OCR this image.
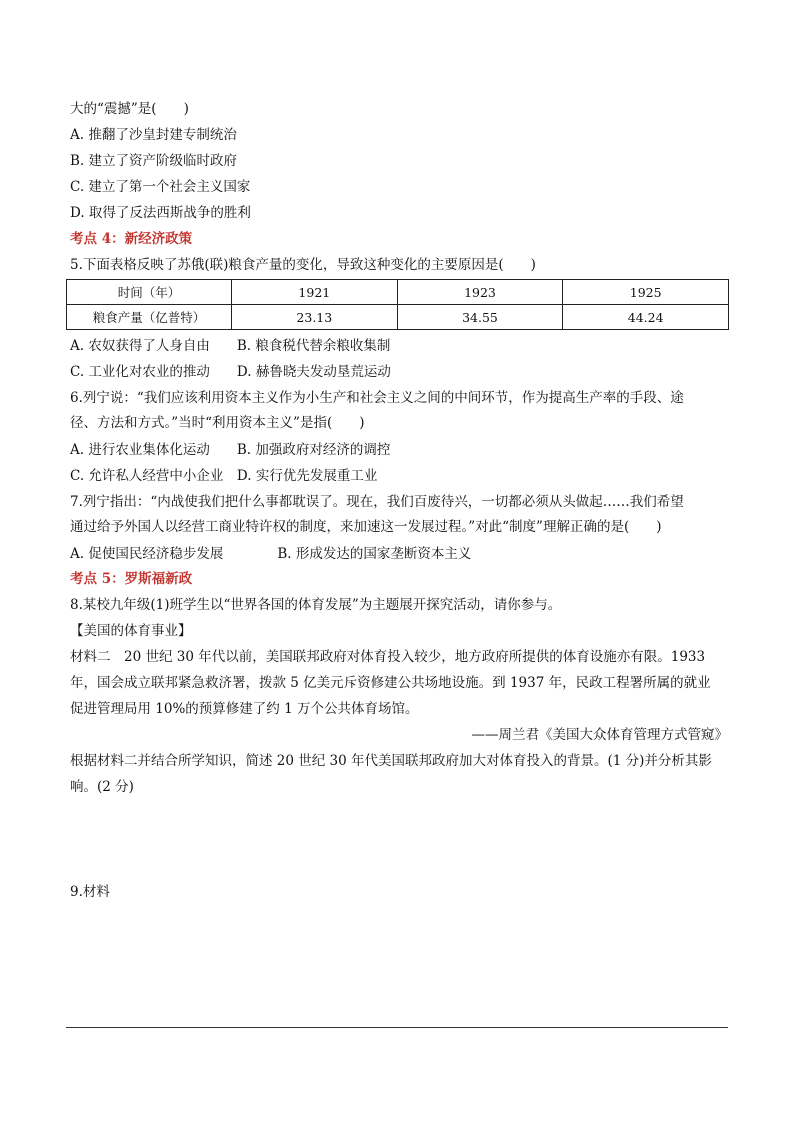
大的“震撼”是(　　)
A. 推翻了沙皇封建专制统治
B. 建立了资产阶级临时政府
C. 建立了第一个社会主义国家
D. 取得了反法西斯战争的胜利
考点 4：新经济政策
5.下面表格反映了苏俄(联)粮食产量的变化，导致这种变化的主要原因是(　　)
时间（年）	1921	1923	1925
粮食产量（亿普特）	23.13	34.55	44.24
A. 农奴获得了人身自由　　B. 粮食税代替余粮收集制
C. 工业化对农业的推动　　D. 赫鲁晓夫发动垦荒运动
6.列宁说：“我们应该利用资本主义作为小生产和社会主义之间的中间环节，作为提高生产率的手段、途
径、方法和方式。”当时“利用资本主义”是指(　　)
A. 进行农业集体化运动　　B. 加强政府对经济的调控
C. 允许私人经营中小企业　D. 实行优先发展重工业
7.列宁指出：“内战使我们把什么事都耽误了。现在，我们百废待兴，一切都必须从头做起……我们希望
通过给予外国人以经营工商业特许权的制度，来加速这一发展过程。”对此“制度”理解正确的是(　　)
A. 促使国民经济稳步发展　　　　B. 形成发达的国家垄断资本主义
考点 5：罗斯福新政
8.某校九年级(1)班学生以“世界各国的体育发展”为主题展开探究活动，请你参与。
【美国的体育事业】
材料二　20 世纪 30 年代以前，美国联邦政府对体育投入较少，地方政府所提供的体育设施亦有限。1933
年，国会成立联邦紧急救济署，拨款 5 亿美元斥资修建公共场地设施。到 1937 年，民政工程署所属的就业
促进管理局用 10%的预算修建了约 1 万个公共体育场馆。
——周兰君《美国大众体育管理方式管窥》
根据材料二并结合所学知识，简述 20 世纪 30 年代美国联邦政府加大对体育投入的背景。(1 分)并分析其影
响。(2 分)
9.材料
